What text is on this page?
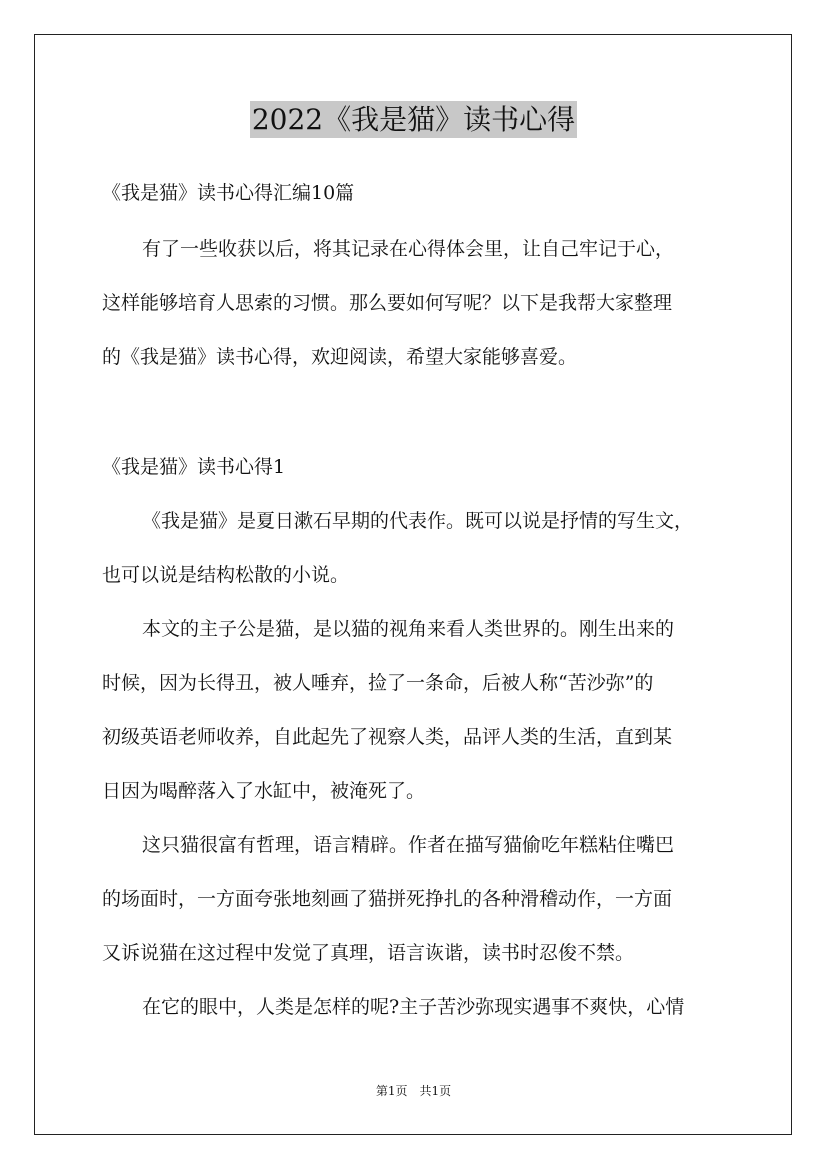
2022《我是猫》读书心得
《我是猫》读书心得汇编10篇
有了一些收获以后，将其记录在心得体会里，让自己牢记于心，
这样能够培育人思索的习惯。那么要如何写呢？以下是我帮大家整理
的《我是猫》读书心得，欢迎阅读，希望大家能够喜爱。
《我是猫》读书心得1
《我是猫》是夏日漱石早期的代表作。既可以说是抒情的写生文，
也可以说是结构松散的小说。
本文的主子公是猫，是以猫的视角来看人类世界的。刚生出来的
时候，因为长得丑，被人唾弃，捡了一条命，后被人称“苦沙弥”的
初级英语老师收养，自此起先了视察人类，品评人类的生活，直到某
日因为喝醉落入了水缸中，被淹死了。
这只猫很富有哲理，语言精辟。作者在描写猫偷吃年糕粘住嘴巴
的场面时，一方面夸张地刻画了猫拼死挣扎的各种滑稽动作，一方面
又诉说猫在这过程中发觉了真理，语言诙谐，读书时忍俊不禁。
在它的眼中，人类是怎样的呢?主子苦沙弥现实遇事不爽快，心情
第1页　共1页
